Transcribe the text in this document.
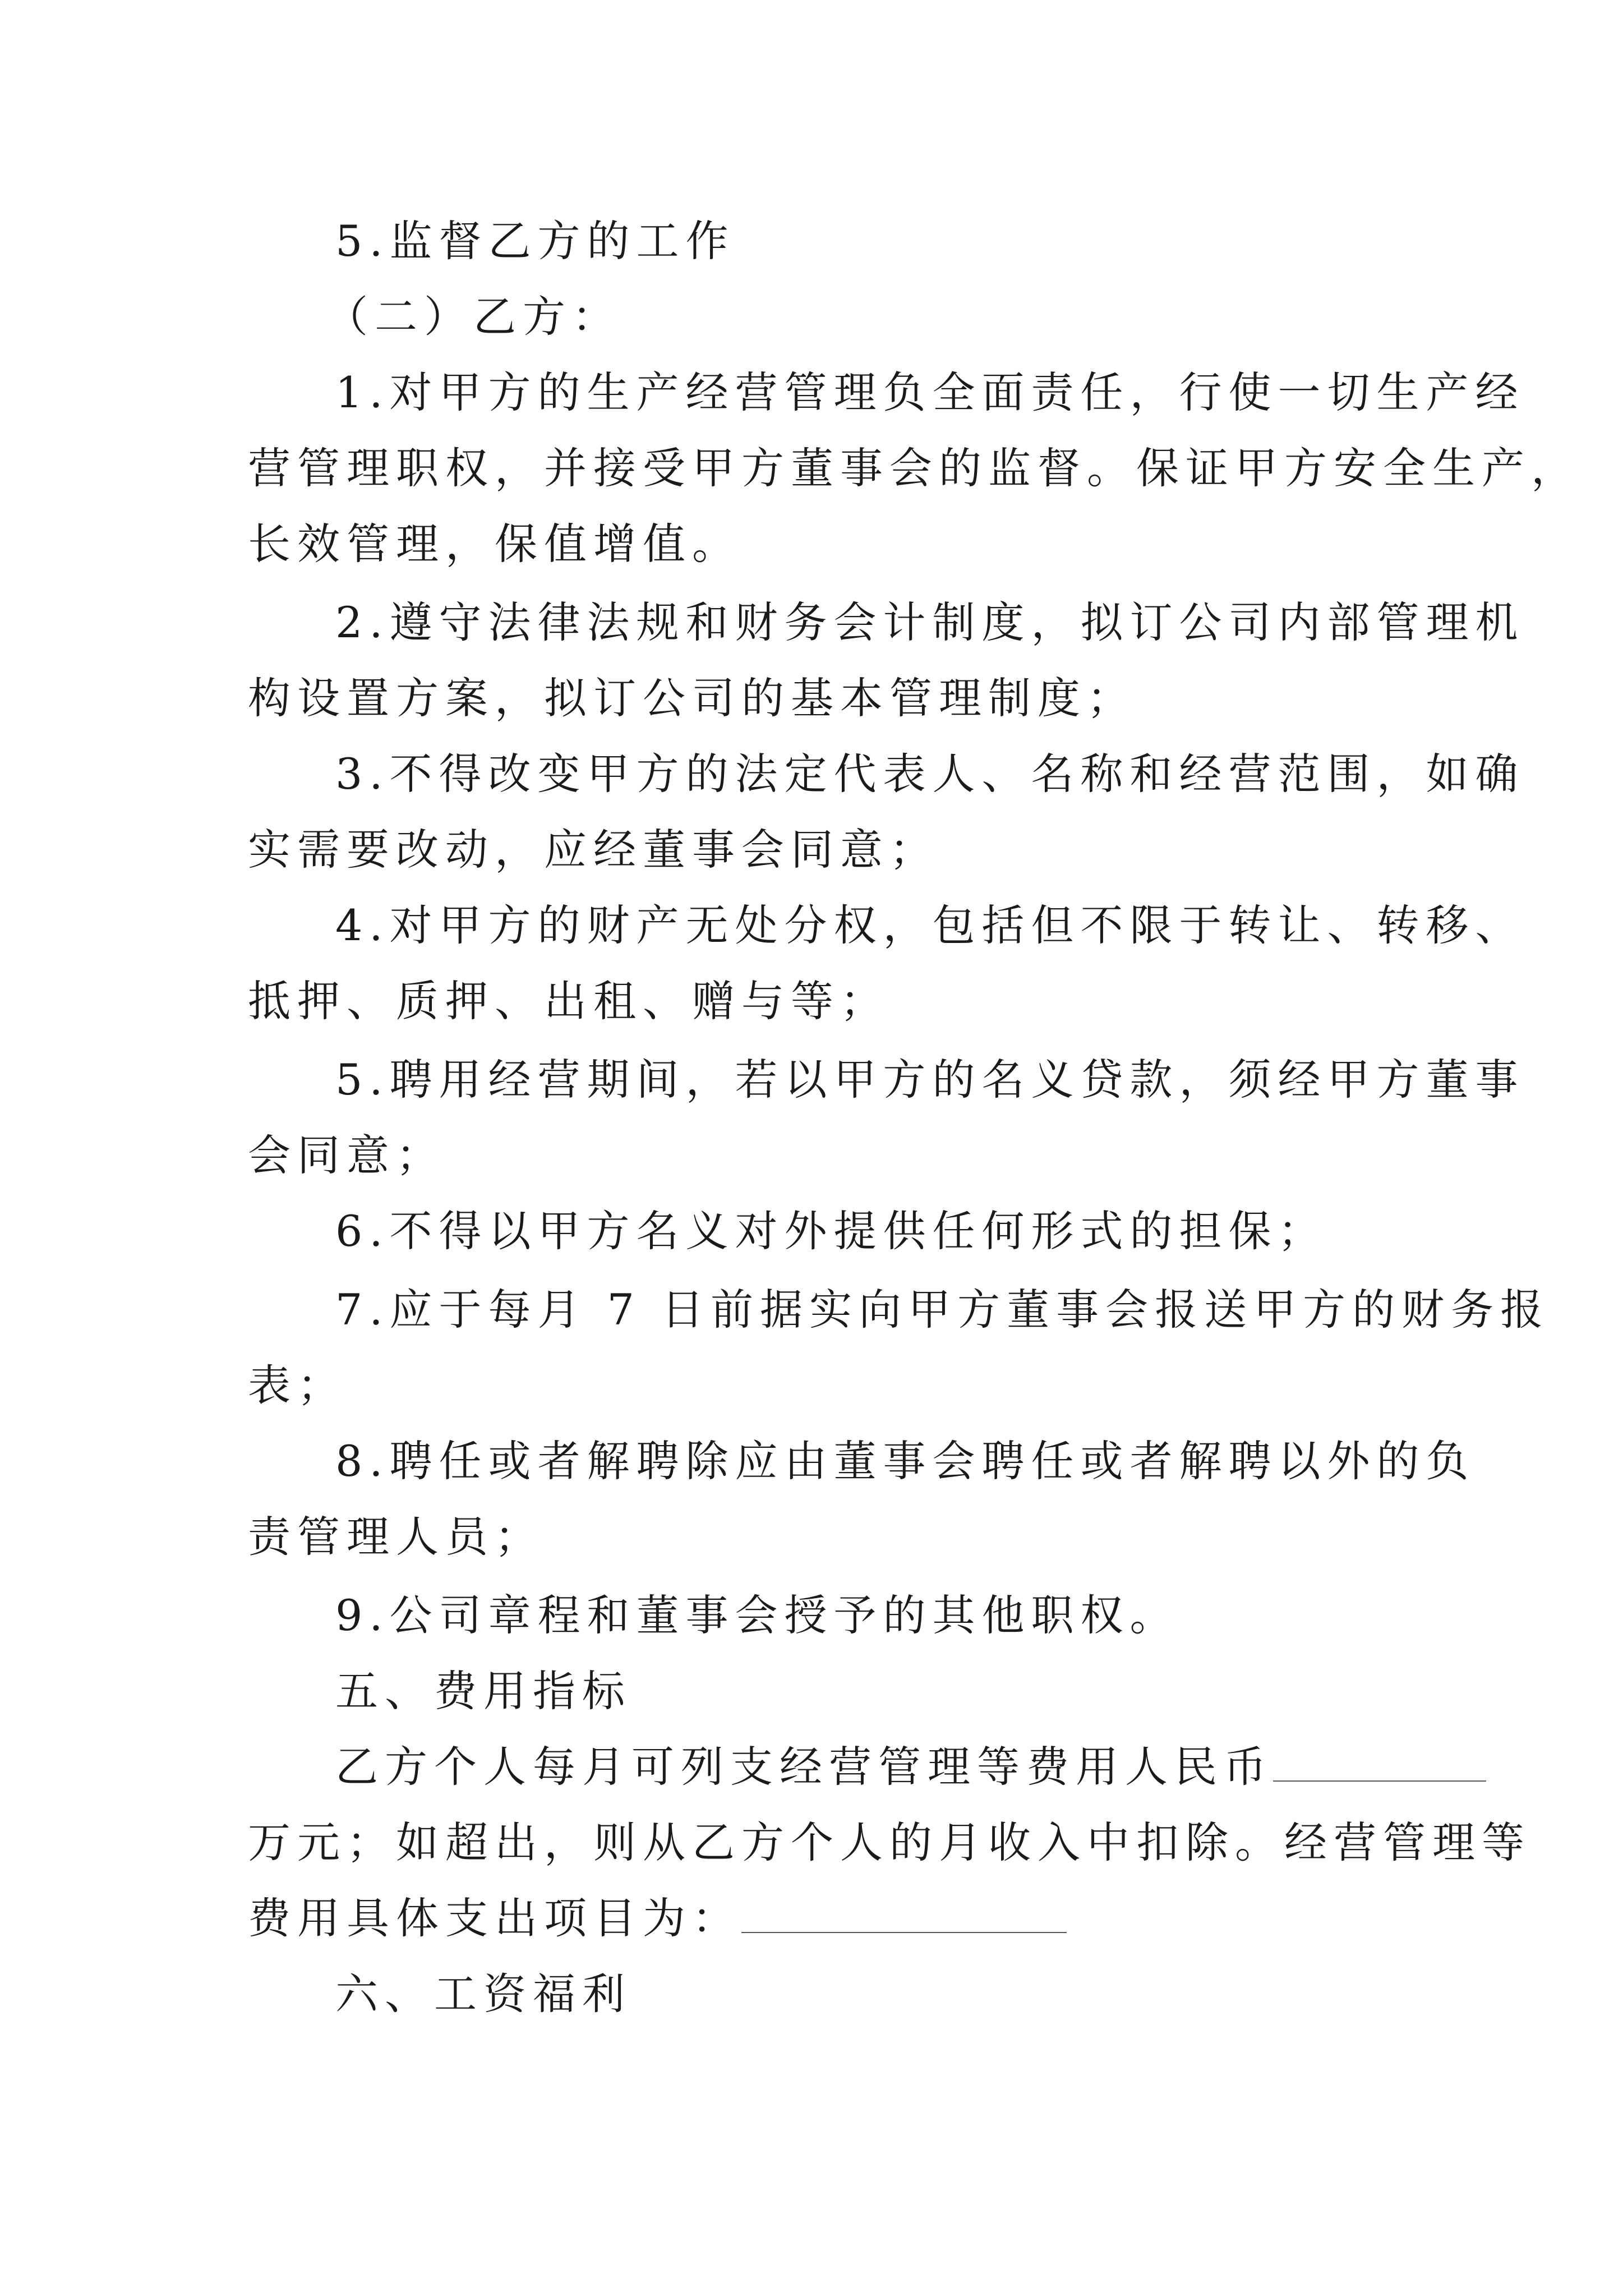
5.监督乙方的工作
（二）乙方：
1.对甲方的生产经营管理负全面责任，行使一切生产经
营管理职权，并接受甲方董事会的监督。保证甲方安全生产，
长效管理，保值增值。
2.遵守法律法规和财务会计制度，拟订公司内部管理机
构设置方案，拟订公司的基本管理制度；
3.不得改变甲方的法定代表人、名称和经营范围，如确
实需要改动，应经董事会同意；
4.对甲方的财产无处分权，包括但不限于转让、转移、
抵押、质押、出租、赠与等；
5.聘用经营期间，若以甲方的名义贷款，须经甲方董事
会同意；
6.不得以甲方名义对外提供任何形式的担保；
7.应于每月 7 日前据实向甲方董事会报送甲方的财务报
表；
8.聘任或者解聘除应由董事会聘任或者解聘以外的负
责管理人员；
9.公司章程和董事会授予的其他职权。
五、费用指标
乙方个人每月可列支经营管理等费用人民币
万元；如超出，则从乙方个人的月收入中扣除。经营管理等
费用具体支出项目为：
六、工资福利
